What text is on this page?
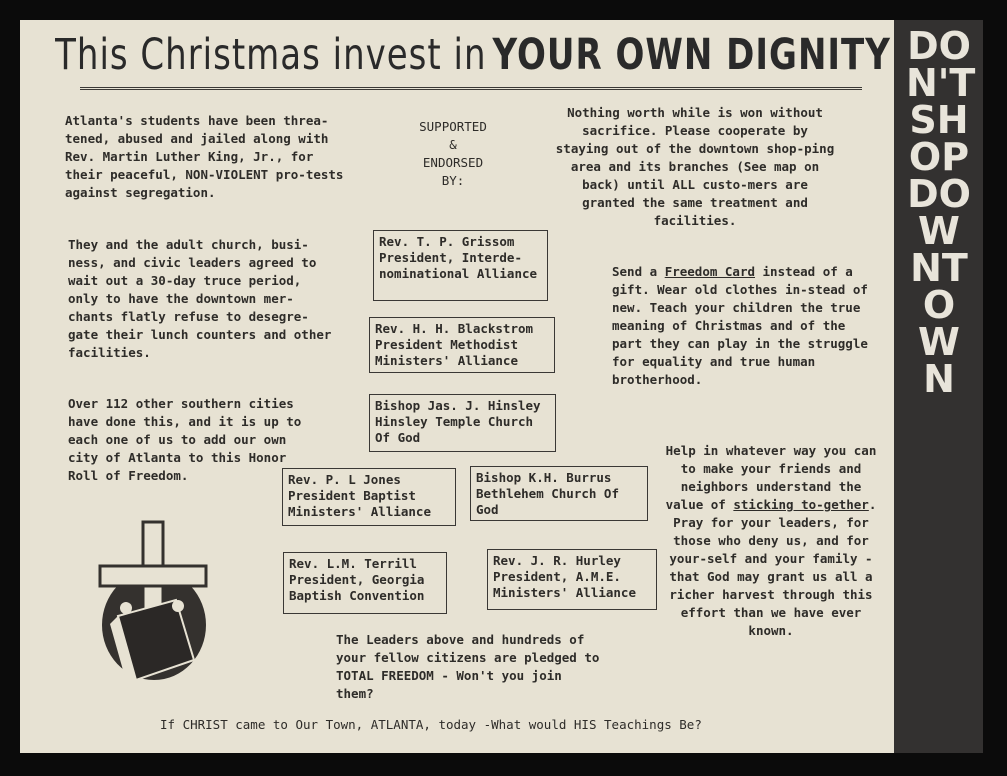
This Christmas invest in YOUR OWN DIGNITY
Atlanta's students have been threa-tened, abused and jailed along with Rev. Martin Luther King, Jr., for their peaceful, NON-VIOLENT pro-tests against segregation.
They and the adult church, busi-ness, and civic leaders agreed to wait out a 30-day truce period, only to have the downtown mer-chants flatly refuse to desegre-gate their lunch counters and other facilities.
Over 112 other southern cities have done this, and it is up to each one of us to add our own city of Atlanta to this Honor Roll of Freedom.
SUPPORTED
&
ENDORSED
BY:
Rev. T. P. Grissom
President, Interde-nominational Alliance
Rev. H. H. Blackstrom
President Methodist Ministers' Alliance
Bishop Jas. J. Hinsley
Hinsley Temple Church Of God
Rev. P. L Jones
President Baptist Ministers' Alliance
Bishop K.H. Burrus
Bethlehem Church Of God
Rev. L.M. Terrill
President, Georgia Baptish Convention
Rev. J. R. Hurley
President, A.M.E. Ministers' Alliance
The Leaders above and hundreds of your fellow citizens are pledged to TOTAL FREEDOM - Won't you join them?
Nothing worth while is won without sacrifice. Please cooperate by staying out of the downtown shop-ping area and its branches (See map on back) until ALL custo-mers are granted the same treatment and facilities.
Send a Freedom Card instead of a gift. Wear old clothes in-stead of new. Teach your children the true meaning of Christmas and of the part they can play in the struggle for equality and true human brotherhood.
Help in whatever way you can to make your friends and neighbors understand the value of sticking to-gether. Pray for your leaders, for those who deny us, and for your-self and your family - that God may grant us all a richer harvest through this effort than we have ever known.
If CHRIST came to Our Town, ATLANTA, today -What would HIS Teachings Be?
DON'T SHOP DOWNTOWN
